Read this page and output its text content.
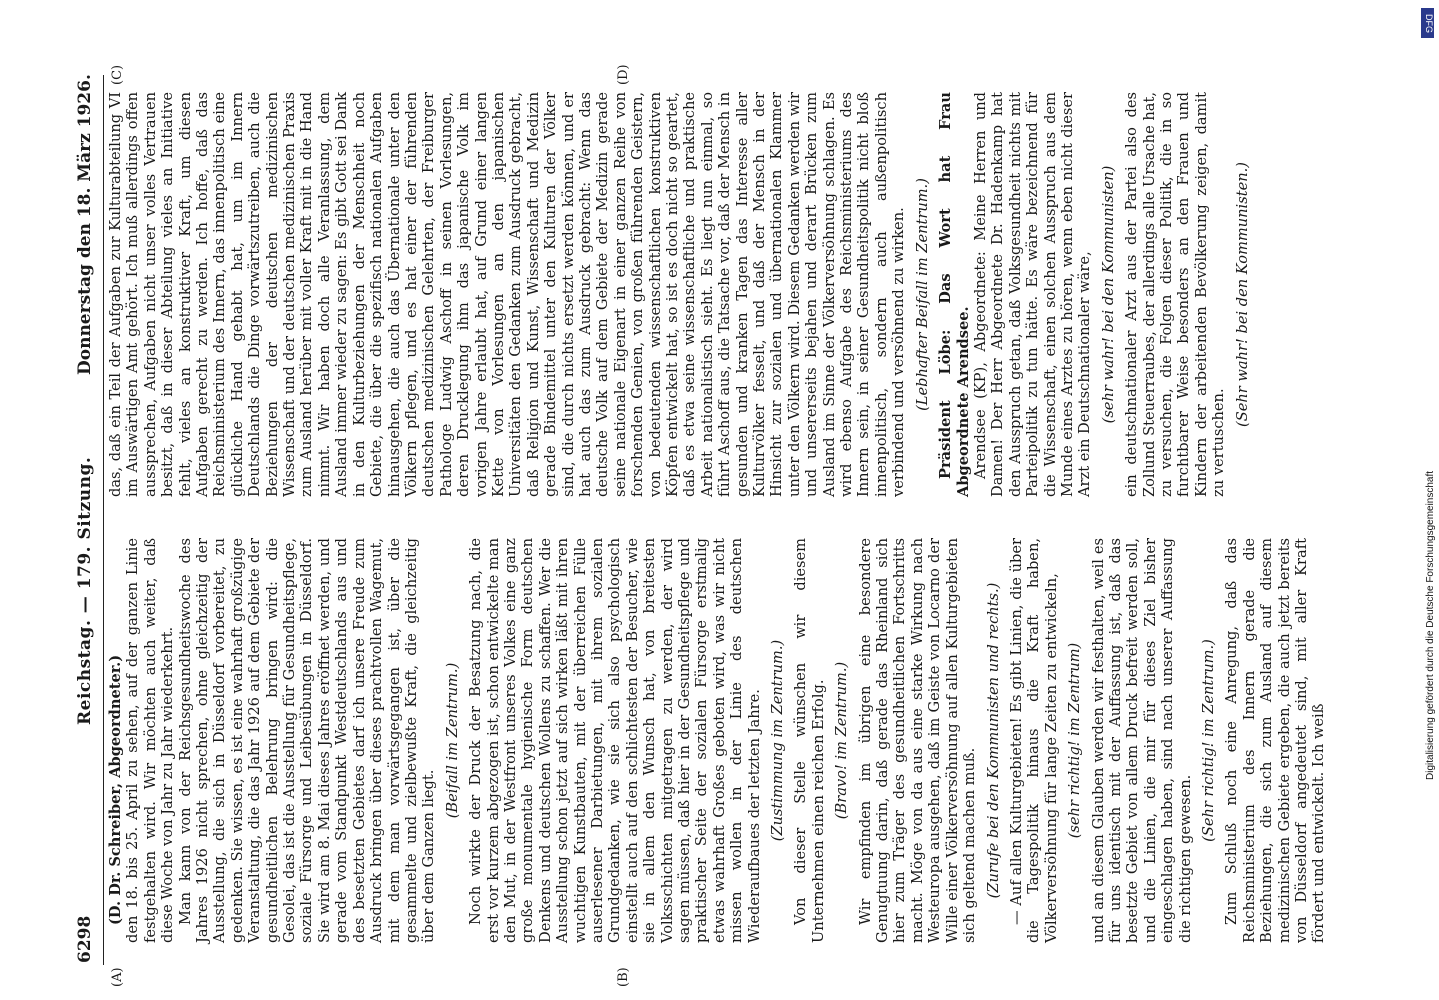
6298
Reichstag. — 179. Sitzung.
Donnerstag den 18. März 1926.
(A)	(B)
(C)	(D)

(D. Dr. Schreiber, Abgeordneter.) den 18. bis 25. April zu sehen, auf der ganzen Linie festgehalten wird. Wir möchten auch weiter, daß diese Woche von Jahr zu Jahr wiederkehrt. Man kann von der Reichsgesundheitswoche des Jahres 1926 nicht sprechen, ohne gleichzeitig der Ausstellung, die sich in Düsseldorf vorbereitet, zu gedenken. Sie wissen, es ist eine wahrhaft großzügige Veranstaltung, die das Jahr 1926 auf dem Gebiete der gesundheitlichen Belehrung bringen wird: die Gesolei, das ist die Ausstellung für Gesundheitspflege, soziale Fürsorge und Leibesübungen in Düsseldorf. Sie wird am 8. Mai dieses Jahres eröffnet werden, und gerade vom Standpunkt Westdeutschlands aus und des besetzten Gebietes darf ich unsere Freude zum Ausdruck bringen über dieses prachtvollen Wagemut, mit dem man vorwärtsgegangen ist, über die gesammelte und zielbewußte Kraft, die gleichzeitig über dem Ganzen liegt.

(Beifall im Zentrum.) Noch wirkte der Druck der Besatzung nach, die erst vor kurzem abgezogen ist, schon entwickelte man den Mut, in der Westfront unseres Volkes eine ganz große monumentale hygienische Form deutschen Denkens und deutschen Wollens zu schaffen. Wer die Ausstellung schon jetzt auf sich wirken läßt mit ihren wuchtigen Kunstbauten, mit der überreichen Fülle auserlesener Darbietungen, mit ihrem sozialen Grundgedanken, wie sie sich also psychologisch einstellt auch auf den schlichtesten der Besucher, wie sie in allem den Wunsch hat, von breitesten Volksschichten mitgetragen zu werden, der wird sagen müssen, daß hier in der Gesundheitspflege und praktischer Seite der sozialen Fürsorge erstmalig etwas wahrhaft Großes geboten wird, was wir nicht missen wollen in der Linie des deutschen Wiederaufbaues der letzten Jahre. (Zustimmung im Zentrum.) Von dieser Stelle wünschen wir diesem Unternehmen einen reichen Erfolg. (Bravo! im Zentrum.) Wir empfinden im übrigen eine besondere Genugtuung darin, daß gerade das Rheinland sich hier zum Träger des gesundheitlichen Fortschritts macht. Möge von da aus eine starke Wirkung nach Westeuropa ausgehen, daß im Geiste von Locarno der Wille einer Völkerversöhnung auf allen Kulturgebieten sich geltend machen muß. (Zurufe bei den Kommunisten und rechts.) — Auf allen Kulturgebieten! Es gibt Linien, die über die Tagespolitik hinaus die Kraft haben, Völkerversöhnung für lange Zeiten zu entwickeln, (sehr richtig! im Zentrum) und an diesem Glauben werden wir festhalten, weil es für uns identisch mit der Auffassung ist, daß das besetzte Gebiet von allem Druck befreit werden soll, und die Linien, die mir für dieses Ziel bisher eingeschlagen haben, sind nach unserer Auffassung die richtigen gewesen.

(Sehr richtig! im Zentrum.) Zum Schluß noch eine Anregung, daß das Reichsministerium des Innern gerade die Beziehungen, die sich zum Ausland auf diesem medizinischen Gebiete ergeben, die auch jetzt bereits von Düsseldorf angedeutet sind, mit aller Kraft fördert und entwickelt. Ich weiß

das, daß ein Teil der Aufgaben zur Kulturabteilung VI im Auswärtigen Amt gehört. Ich muß allerdings offen aussprechen, Aufgaben nicht unser volles Vertrauen besitzt, daß in dieser Abteilung vieles an Initiative fehlt, vieles an konstruktiver Kraft, um diesen Aufgaben gerecht zu werden. Ich hoffe, daß das Reichsministerium des Innern, das innenpolitisch eine glückliche Hand gehabt hat, um im Innern Deutschlands die Dinge vorwärtszutreiben, auch die Beziehungen der deutschen medizinischen Wissenschaft und der deutschen medizinischen Praxis zum Ausland herüber mit voller Kraft mit in die Hand nimmt. Wir haben doch alle Veranlassung, dem Ausland immer wieder zu sagen: Es gibt Gott sei Dank in den Kulturbeziehungen der Menschheit noch Gebiete, die über die spezifisch nationalen Aufgaben hinausgehen, die auch das Übernationale unter den Völkern pflegen, und es hat einer der führenden deutschen medizinischen Gelehrten, der Freiburger Pathologe Ludwig Aschoff in seinen Vorlesungen, deren Drucklegung ihm das japanische Volk im vorigen Jahre erlaubt hat, auf Grund einer langen Kette von Vorlesungen an den japanischen Universitäten den Gedanken zum Ausdruck gebracht, daß Religion und Kunst, Wissenschaft und Medizin gerade Bindemittel unter den Kulturen der Völker sind, die durch nichts ersetzt werden können, und er hat auch das zum Ausdruck gebracht: Wenn das deutsche Volk auf dem Gebiete der Medizin gerade seine nationale Eigenart in einer ganzen Reihe von forschenden Genien, von großen führenden Geistern, von bedeutenden wissenschaftlichen konstruktiven Köpfen entwickelt hat, so ist es doch nicht so geartet, daß es etwa seine wissenschaftliche und praktische Arbeit nationalistisch sieht. Es liegt nun einmal, so führt Aschoff aus, die Tatsache vor, daß der Mensch in gesunden und kranken Tagen das Interesse aller Kulturvölker fesselt, und daß der Mensch in der Hinsicht zur sozialen und übernationalen Klammer unter den Völkern wird. Diesem Gedanken werden wir und unsererseits bejahen und derart Brücken zum Ausland im Sinne der Völkerversöhnung schlagen. Es wird ebenso Aufgabe des Reichsministeriums des Innern sein, in seiner Gesundheitspolitik nicht bloß innenpolitisch, sondern auch außenpolitisch verbindend und versöhnend zu wirken. (Lebhafter Beifall im Zentrum.) Präsident Löbe: Das Wort hat Frau Abgeordnete Arendsee. Arendsee (KP), Abgeordnete: Meine Herren und Damen! Der Herr Abgeordnete Dr. Hadenkamp hat den Ausspruch getan, daß Volksgesundheit nichts mit Parteipolitik zu tun hätte. Es wäre bezeichnend für die Wissenschaft, einen solchen Ausspruch aus dem Munde eines Arztes zu hören, wenn eben nicht dieser Arzt ein Deutschnationaler wäre, (sehr wahr! bei den Kommunisten) ein deutschnationaler Arzt aus der Partei also des Zollund Steuerraubes, der allerdings alle Ursache hat, zu versuchen, die Folgen dieser Politik, die in so furchtbarer Weise besonders an den Frauen und Kindern der arbeitenden Bevölkerung zeigen, damit zu vertuschen.

(Sehr wahr! bei den Kommunisten.)

DFG
Digitalisierung gefördert durch die Deutsche Forschungsgemeinschaft
